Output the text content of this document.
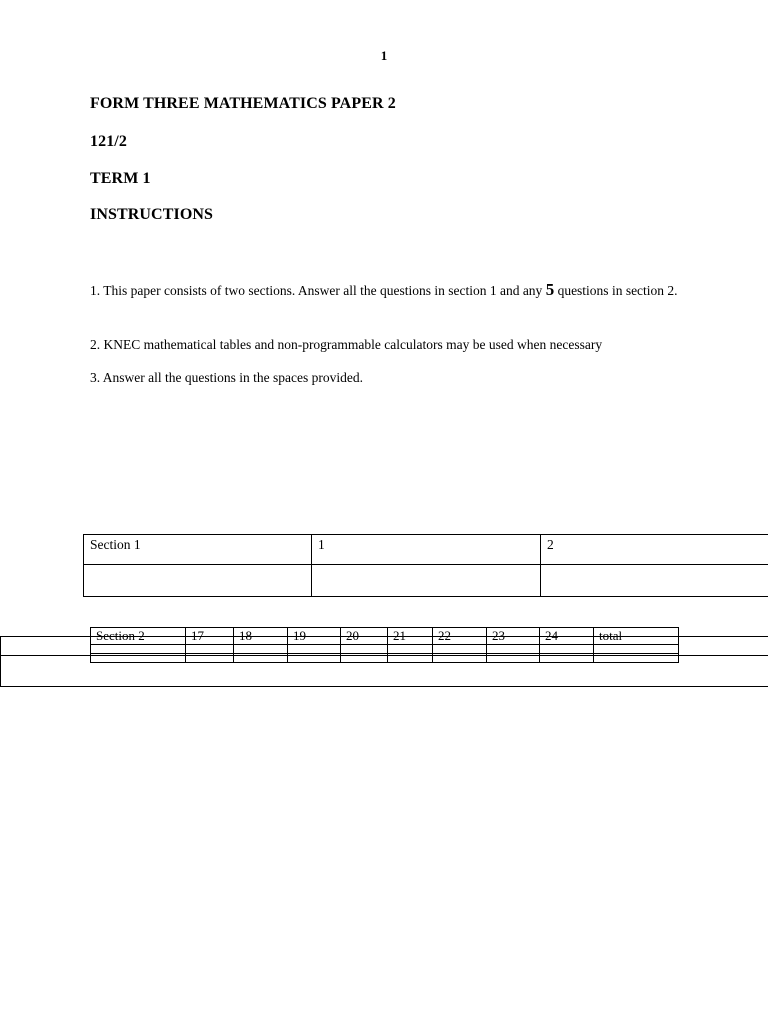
1
FORM THREE MATHEMATICS PAPER 2
121/2
TERM 1
INSTRUCTIONS
1. This paper consists of two sections. Answer all the questions in section 1 and any 5 questions in section 2.
2. KNEC mathematical tables and non-programmable calculators may be used when necessary
3. Answer all the questions in the spaces provided.
Section 1	1	2

Section 2	17	18	19	20	21	22	23	24	total
